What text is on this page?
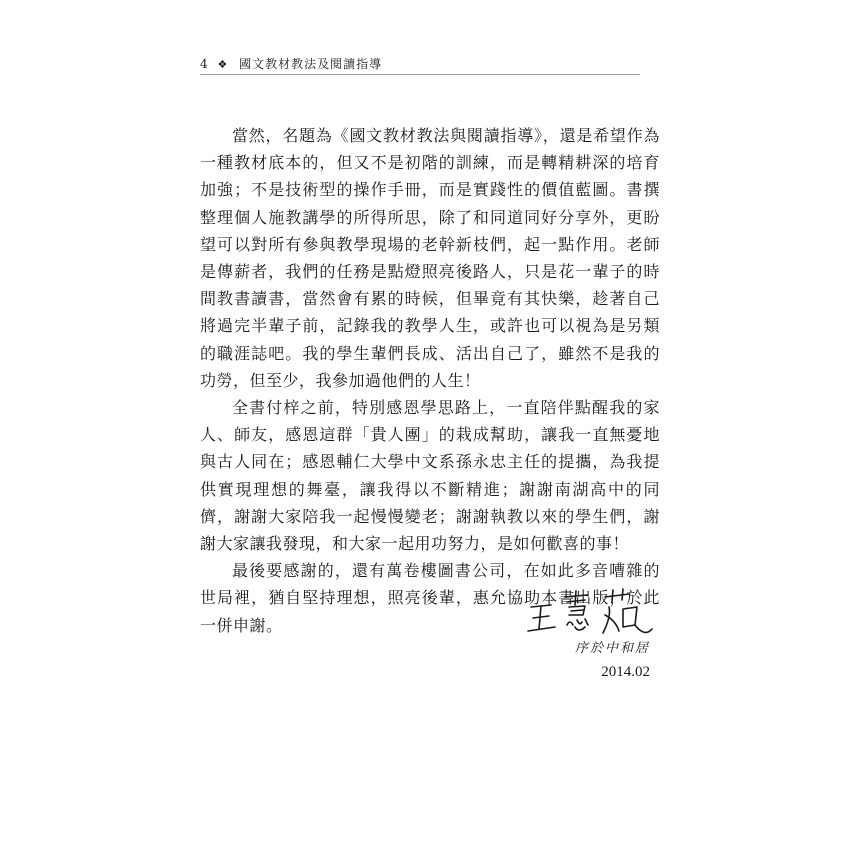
4 ❖ 國文教材教法及閱讀指導

當然，名題為《國文教材教法與閱讀指導》，還是希望作為一種教材底本的，但又不是初階的訓練，而是轉精耕深的培育加強；不是技術型的操作手冊，而是實踐性的價值藍圖。書撰整理個人施教講學的所得所思，除了和同道同好分享外，更盼望可以對所有參與教學現場的老幹新枝們，起一點作用。老師是傳薪者，我們的任務是點燈照亮後路人，只是花一輩子的時間教書讀書，當然會有累的時候，但畢竟有其快樂，趁著自己將過完半輩子前，記錄我的教學人生，或許也可以視為是另類的職涯誌吧。我的學生輩們長成、活出自己了，雖然不是我的功勞，但至少，我參加過他們的人生！

全書付梓之前，特別感恩學思路上，一直陪伴點醒我的家人、師友，感恩這群「貴人團」的栽成幫助，讓我一直無憂地與古人同在；感恩輔仁大學中文系孫永忠主任的提攜，為我提供實現理想的舞臺，讓我得以不斷精進；謝謝南湖高中的同儕，謝謝大家陪我一起慢慢變老；謝謝執教以來的學生們，謝謝大家讓我發現，和大家一起用功努力，是如何歡喜的事！

最後要感謝的，還有萬卷樓圖書公司，在如此多音嘈雜的世局裡，猶自堅持理想，照亮後輩，惠允協助本書出版，於此一併申謝。

序於中和居
2014.02
